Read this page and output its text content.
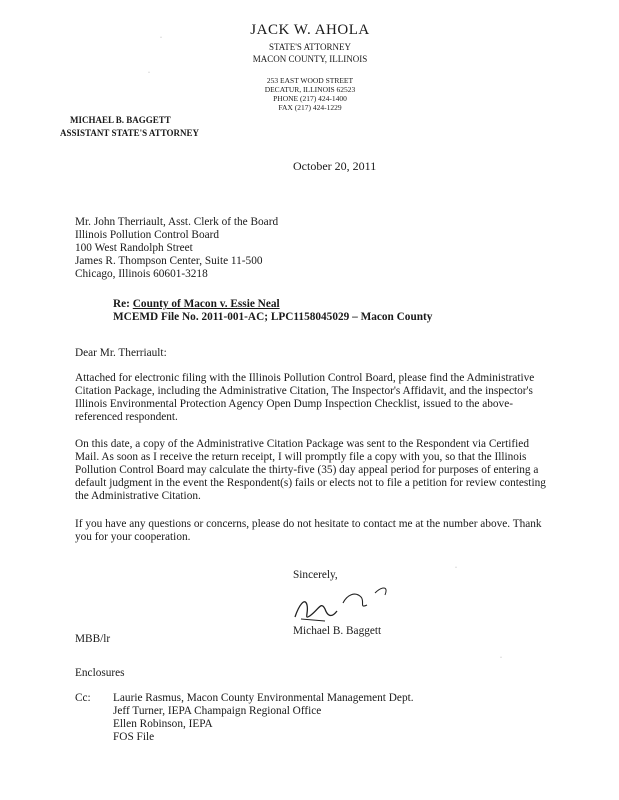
JACK W. AHOLA
STATE'S ATTORNEY
MACON COUNTY, ILLINOIS
253 EAST WOOD STREET
DECATUR, ILLINOIS 62523
PHONE (217) 424-1400
FAX (217) 424-1229
MICHAEL B. BAGGETT
ASSISTANT STATE'S ATTORNEY
·
·
·
·
October 20, 2011
Mr. John Therriault, Asst. Clerk of the Board
Illinois Pollution Control Board
100 West Randolph Street
James R. Thompson Center, Suite 11-500
Chicago, Illinois 60601-3218
Re: County of Macon v. Essie Neal
MCEMD File No. 2011-001-AC; LPC1158045029 – Macon County
Dear Mr. Therriault:
Attached for electronic filing with the Illinois Pollution Control Board, please find the Administrative Citation Package, including the Administrative Citation, The Inspector's Affidavit, and the inspector's Illinois Environmental Protection Agency Open Dump Inspection Checklist, issued to the above-referenced respondent.
On this date, a copy of the Administrative Citation Package was sent to the Respondent via Certified Mail. As soon as I receive the return receipt, I will promptly file a copy with you, so that the Illinois Pollution Control Board may calculate the thirty-five (35) day appeal period for purposes of entering a default judgment in the event the Respondent(s) fails or elects not to file a petition for review contesting the Administrative Citation.
If you have any questions or concerns, please do not hesitate to contact me at the number above. Thank you for your cooperation.
Sincerely,
Michael B. Baggett
MBB/lr
Enclosures
Cc: Laurie Rasmus, Macon County Environmental Management Dept.
Jeff Turner, IEPA Champaign Regional Office
Ellen Robinson, IEPA
FOS File
